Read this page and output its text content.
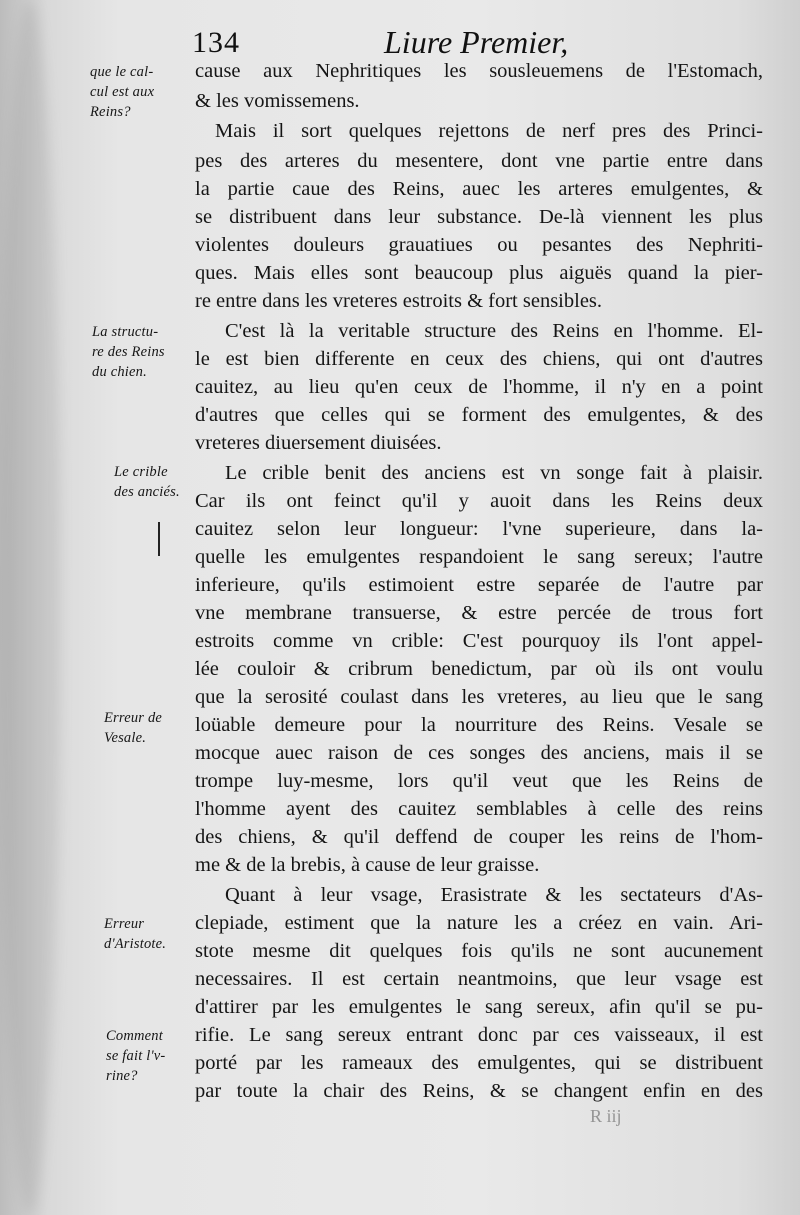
134	Liure Premier,
que le cal-
cul est aux
Reins?
La structu-
re des Reins
du chien.
Le crible
des anciés.
Erreur de
Vesale.
Erreur
d'Aristote.
Comment
se fait l'v-
rine?
cause aux Nephritiques les sousleuemens de l'Estomach,
& les vomissemens.
Mais il sort quelques rejettons de nerf pres des Princi-
pes des arteres du mesentere, dont vne partie entre dans
la partie caue des Reins, auec les arteres emulgentes, &
se distribuent dans leur substance. De-là viennent les plus
violentes douleurs grauatiues ou pesantes des Nephriti-
ques. Mais elles sont beaucoup plus aiguës quand la pier-
re entre dans les vreteres estroits & fort sensibles.
C'est là la veritable structure des Reins en l'homme. El-
le est bien differente en ceux des chiens, qui ont d'autres
cauitez, au lieu qu'en ceux de l'homme, il n'y en a point
d'autres que celles qui se forment des emulgentes, & des
vreteres diuersement diuisées.
Le crible benit des anciens est vn songe fait à plaisir.
Car ils ont feinct qu'il y auoit dans les Reins deux
cauitez selon leur longueur: l'vne superieure, dans la-
quelle les emulgentes respandoient le sang sereux; l'autre
inferieure, qu'ils estimoient estre separée de l'autre par
vne membrane transuerse, & estre percée de trous fort
estroits comme vn crible: C'est pourquoy ils l'ont appel-
lée couloir & cribrum benedictum, par où ils ont voulu
que la serosité coulast dans les vreteres, au lieu que le sang
loüable demeure pour la nourriture des Reins. Vesale se
mocque auec raison de ces songes des anciens, mais il se
trompe luy-mesme, lors qu'il veut que les Reins de
l'homme ayent des cauitez semblables à celle des reins
des chiens, & qu'il deffend de couper les reins de l'hom-
me & de la brebis, à cause de leur graisse.
Quant à leur vsage, Erasistrate & les sectateurs d'As-
clepiade, estiment que la nature les a créez en vain. Ari-
stote mesme dit quelques fois qu'ils ne sont aucunement
necessaires. Il est certain neantmoins, que leur vsage est
d'attirer par les emulgentes le sang sereux, afin qu'il se pu-
rifie. Le sang sereux entrant donc par ces vaisseaux, il est
porté par les rameaux des emulgentes, qui se distribuent
par toute la chair des Reins, & se changent enfin en des
R iij
